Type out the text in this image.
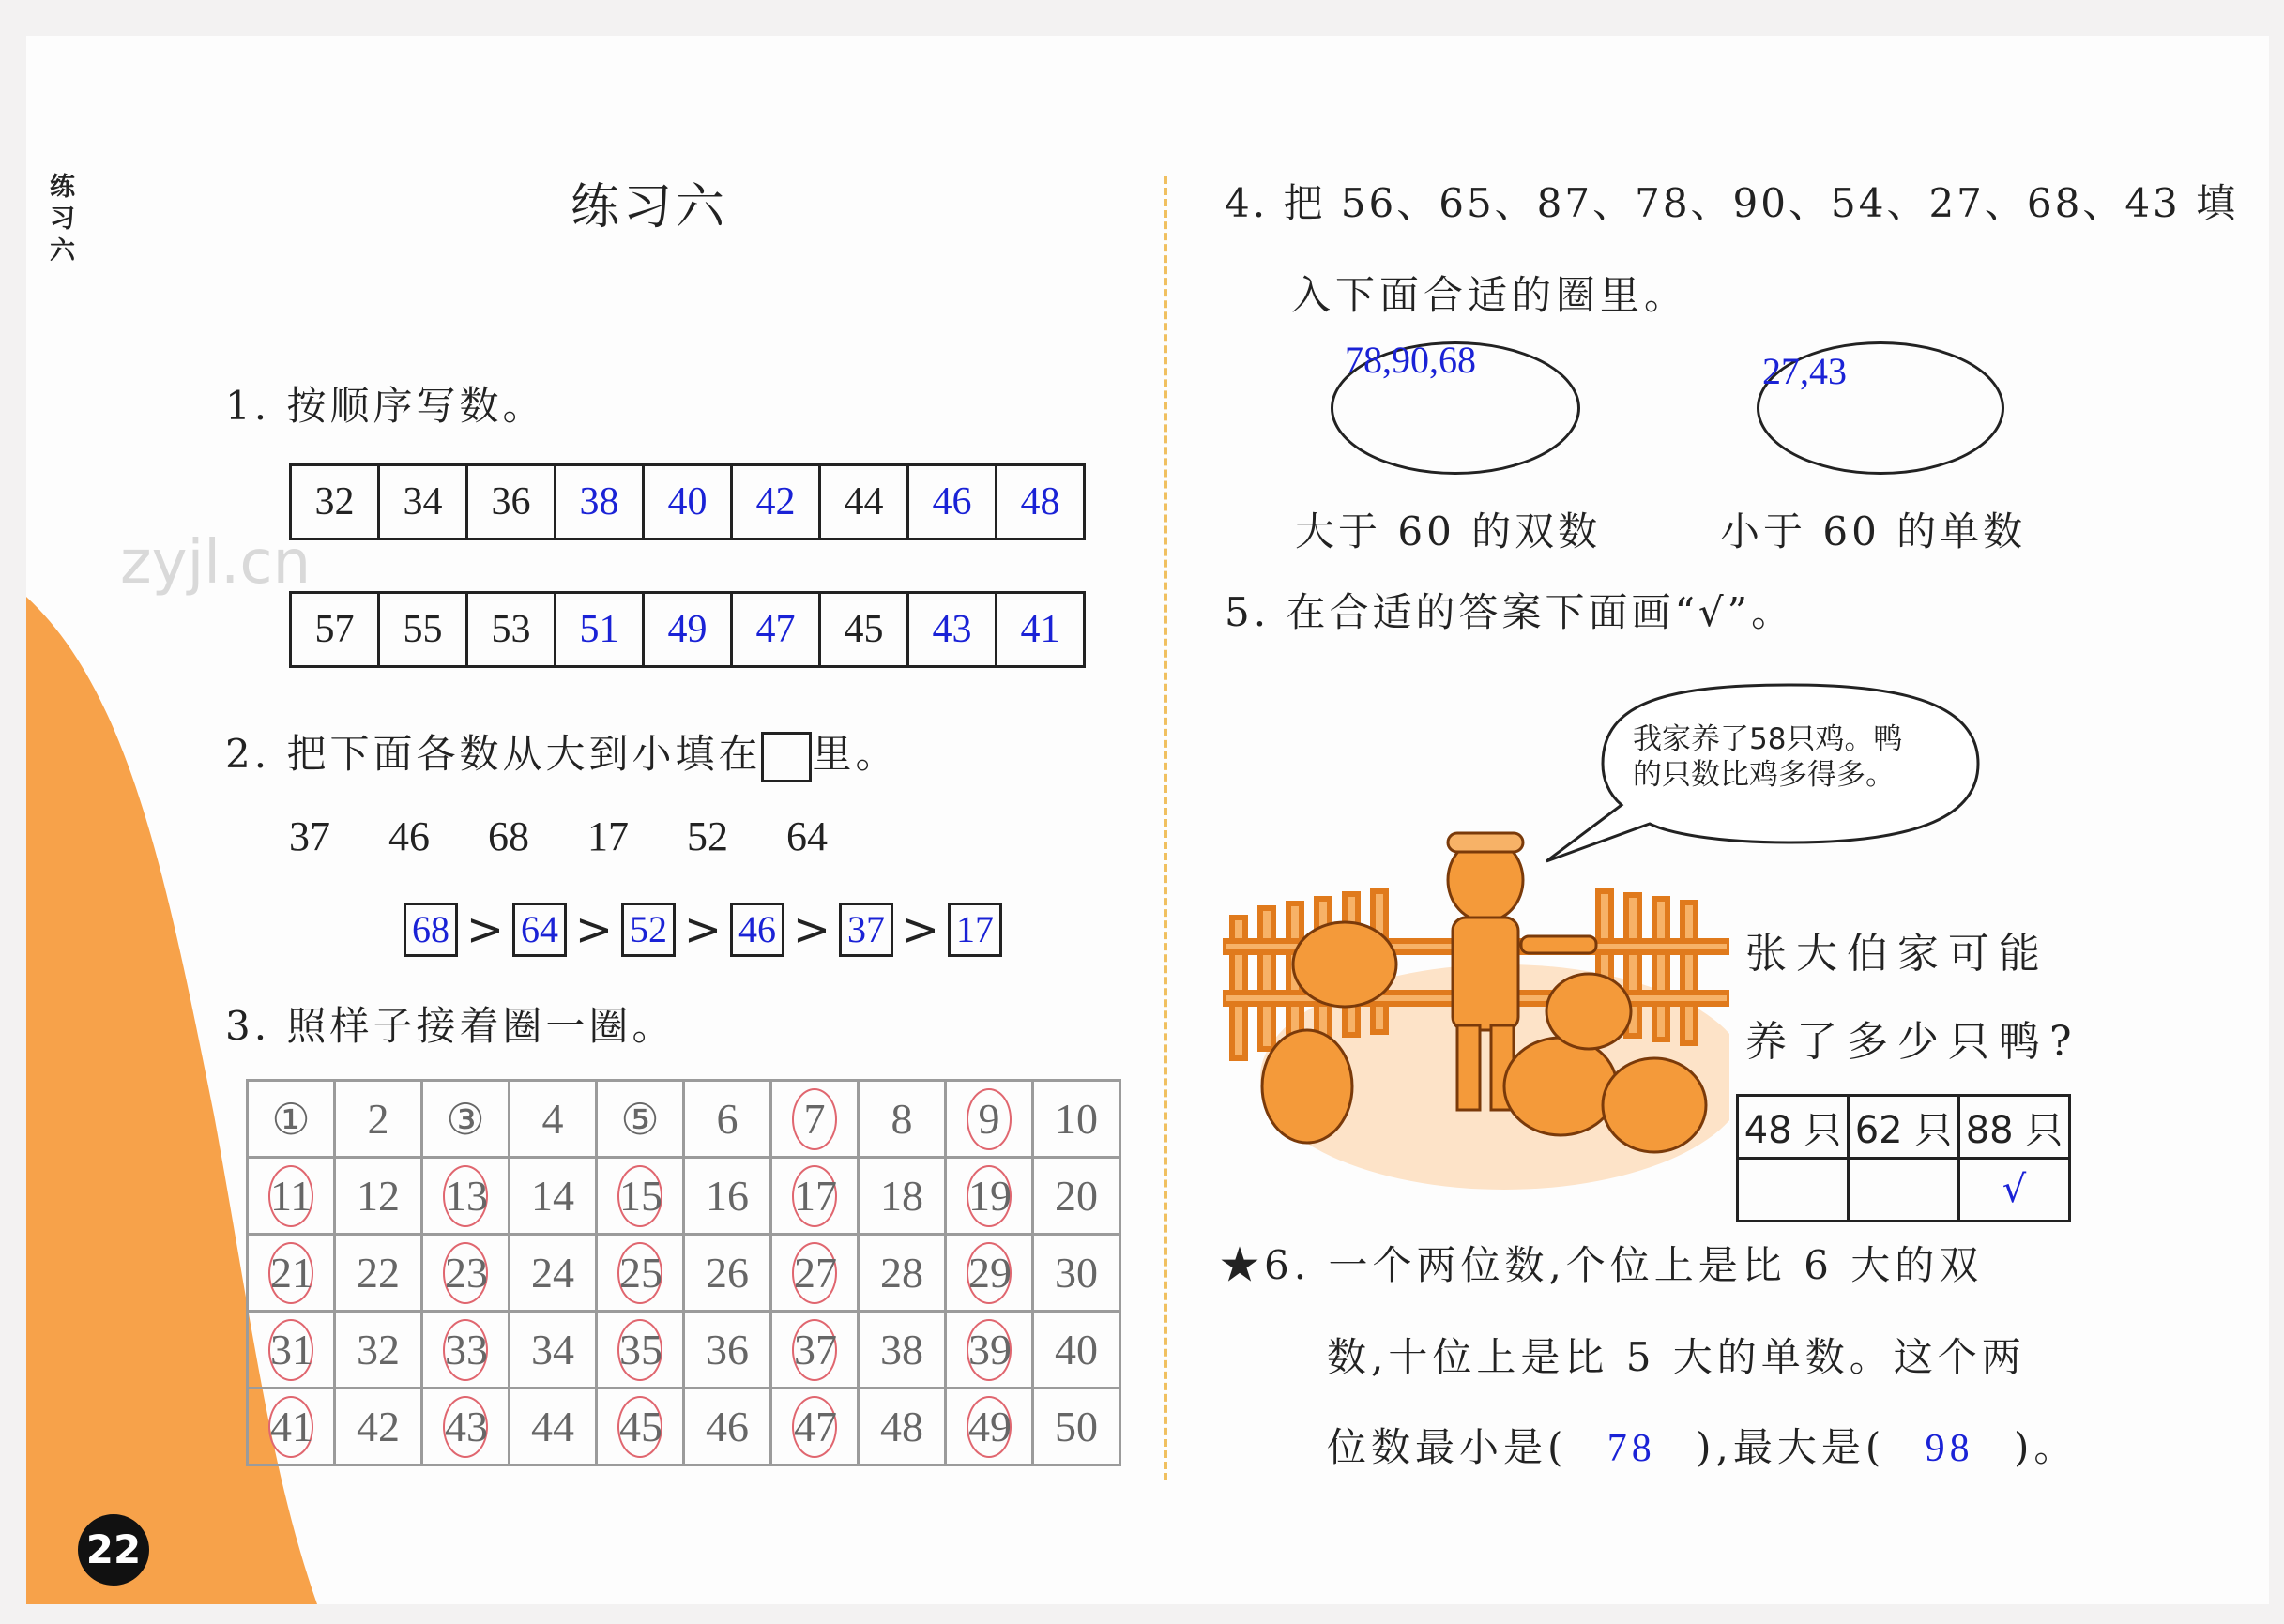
22
练习六
练习六
zyjl.cn
1. 按顺序写数。
32	34	36	38	40	42	44	46	48
57	55	53	51	49	47	45	43	41
2. 把下面各数从大到小填在 里。
37 46 68 17 52 64
68 > 64 > 52 > 46 > 37 > 17
3. 照样子接着圈一圈。
①	2	③	4	⑤	6	7	8	9	10
11	12	13	14	15	16	17	18	19	20
21	22	23	24	25	26	27	28	29	30
31	32	33	34	35	36	37	38	39	40
41	42	43	44	45	46	47	48	49	50
4. 把 56、65、87、78、90、54、27、68、43 填
入下面合适的圈里。
78,90,68	27,43
大于 60 的双数	小于 60 的单数
5. 在合适的答案下面画“√”。
我家养了58只鸡。鸭
的只数比鸡多得多。
张大伯家可能
养了多少只鸭?
48 只	62 只	88 只
		√
★6. 一个两位数,个位上是比 6 大的双
数,十位上是比 5 大的单数。这个两
位数最小是( 78 ),最大是( 98 )。
